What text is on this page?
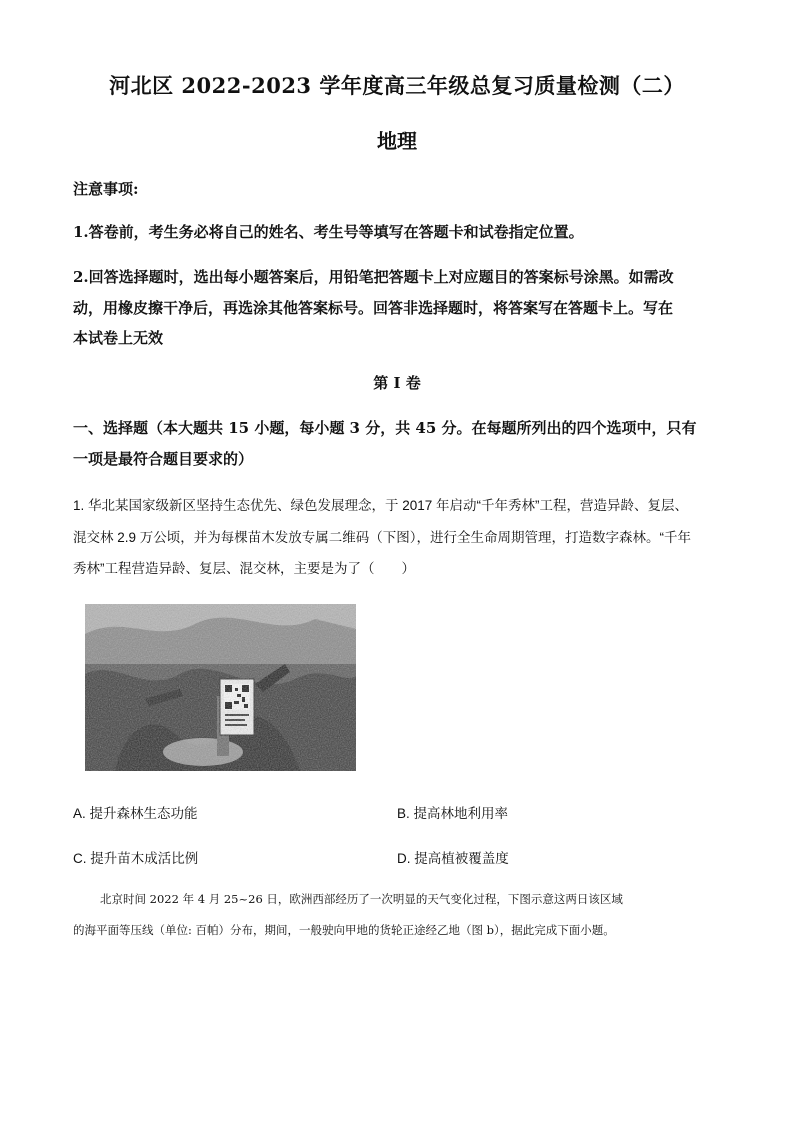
河北区 2022-2023 学年度高三年级总复习质量检测（二）
地理
注意事项:
1.答卷前，考生务必将自己的姓名、考生号等填写在答题卡和试卷指定位置。
2.回答选择题时，选出每小题答案后，用铅笔把答题卡上对应题目的答案标号涂黑。如需改
动，用橡皮擦干净后，再选涂其他答案标号。回答非选择题时，将答案写在答题卡上。写在
本试卷上无效
第 I 卷
一、选择题（本大题共 15 小题，每小题 3 分，共 45 分。在每题所列出的四个选项中，只有
一项是最符合题目要求的）
1. 华北某国家级新区坚持生态优先、绿色发展理念，于 2017 年启动“千年秀林”工程，营造异龄、复层、
混交林 2.9 万公顷，并为每棵苗木发放专属二维码（下图），进行全生命周期管理，打造数字森林。“千年
秀林”工程营造异龄、复层、混交林，主要是为了（　　）
A. 提升森林生态功能	B. 提高林地利用率
C. 提升苗木成活比例	D. 提高植被覆盖度
北京时间 2022 年 4 月 25~26 日，欧洲西部经历了一次明显的天气变化过程，下图示意这两日该区域
的海平面等压线（单位: 百帕）分布，期间，一般驶向甲地的货轮正途经乙地（图 b），据此完成下面小题。
